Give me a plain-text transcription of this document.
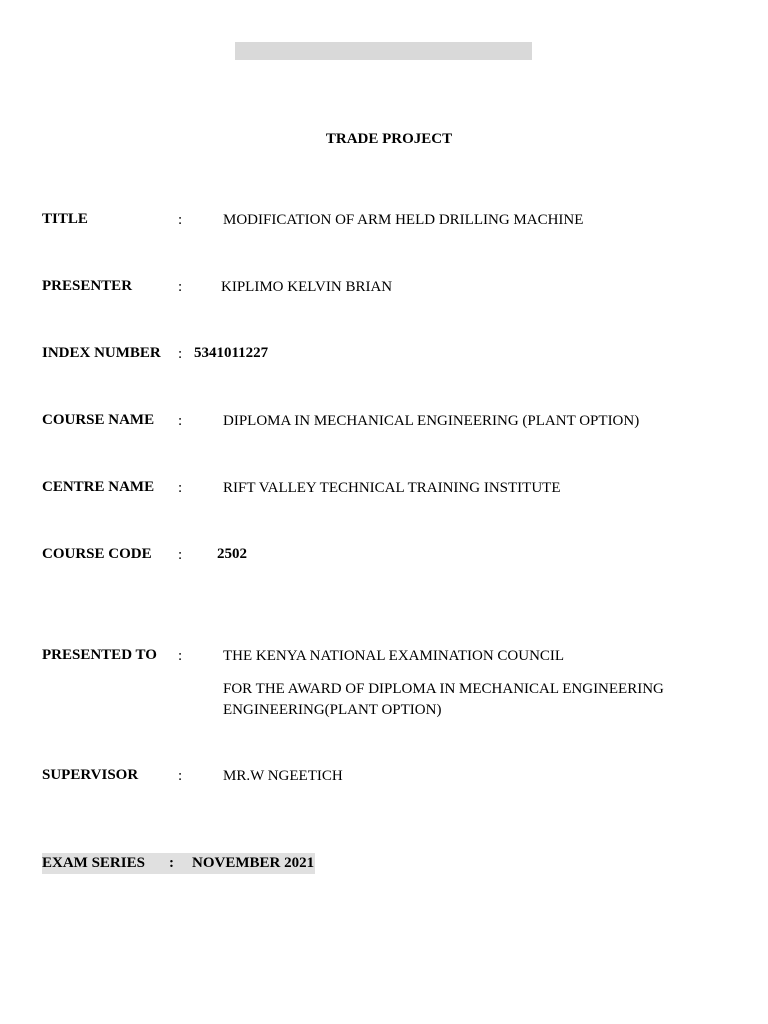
TRADE PROJECT
TITLE	:	MODIFICATION OF ARM HELD DRILLING MACHINE
PRESENTER	:	KIPLIMO KELVIN BRIAN
INDEX NUMBER : 5341011227
COURSE NAME :	DIPLOMA IN MECHANICAL ENGINEERING (PLANT OPTION)
CENTRE NAME :	RIFT VALLEY TECHNICAL TRAINING INSTITUTE
COURSE CODE : 2502
PRESENTED TO :	THE KENYA NATIONAL EXAMINATION COUNCIL
FOR THE AWARD OF DIPLOMA IN MECHANICAL ENGINEERING ENGINEERING(PLANT OPTION)
SUPERVISOR	:	MR.W NGEETICH
EXAM SERIES : NOVEMBER 2021
